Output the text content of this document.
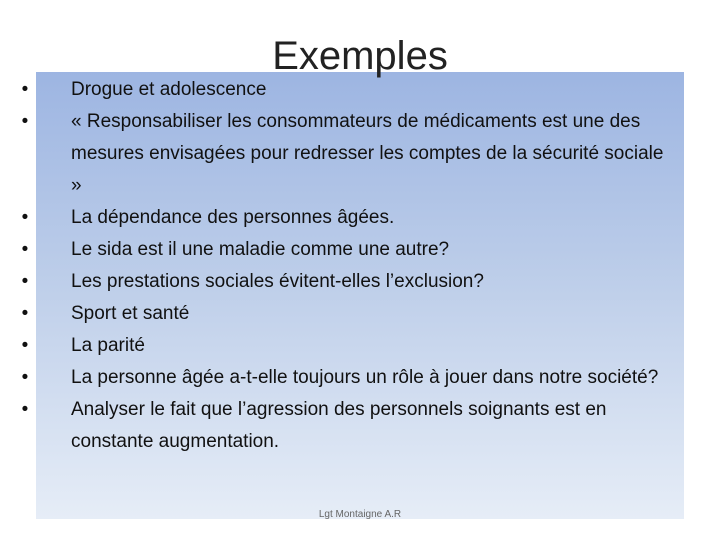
Exemples
•	Drogue et adolescence
•	« Responsabiliser les consommateurs de médicaments est une des mesures envisagées pour redresser les comptes de la sécurité sociale »
•	La dépendance des personnes âgées.
•	Le sida est il une maladie comme une autre?
•	Les prestations sociales évitent-elles l’exclusion?
•	Sport et santé
•	La parité
•	La personne âgée a-t-elle toujours un rôle à jouer dans notre société?
•	Analyser le fait que l’agression des personnels soignants est en constante augmentation.
Lgt Montaigne A.R
